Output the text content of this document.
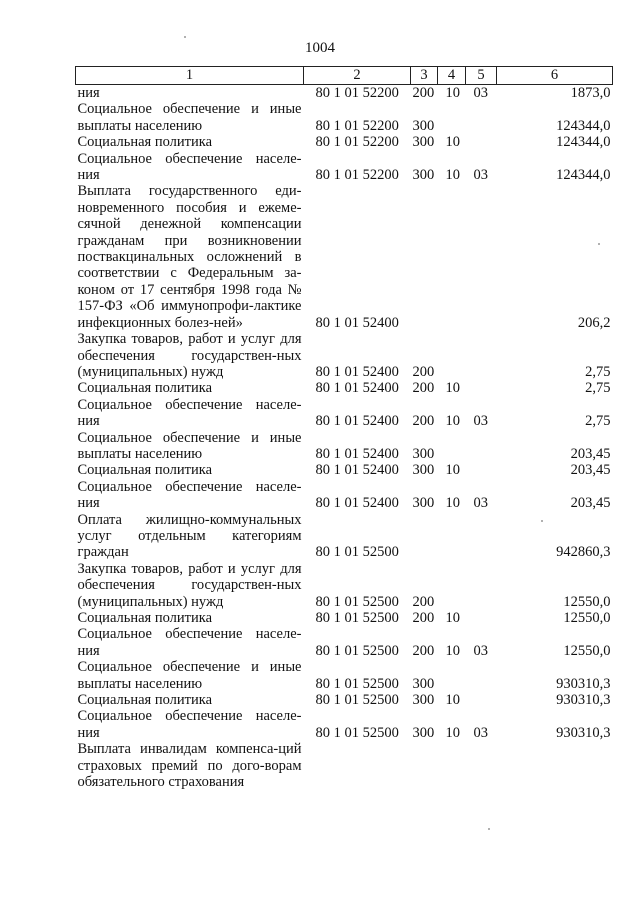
1004
1	2	3	4	5	6
ния	80 1 01 52200	200	10	03	1873,0
Социальное обеспечение и иные выплаты населению	80 1 01 52200	300			124344,0
Социальная политика	80 1 01 52200	300	10		124344,0
Социальное обеспечение населе-ния	80 1 01 52200	300	10	03	124344,0
Выплата государственного еди-новременного пособия и ежеме-сячной денежной компенсации гражданам при возникновении поствакцинальных осложнений в соответствии с Федеральным за-коном от 17 сентября 1998 года № 157-ФЗ «Об иммунопрофи-лактике инфекционных болез-ней»	80 1 01 52400				206,2
Закупка товаров, работ и услуг для обеспечения государствен-ных (муниципальных) нужд	80 1 01 52400	200			2,75
Социальная политика	80 1 01 52400	200	10		2,75
Социальное обеспечение населе-ния	80 1 01 52400	200	10	03	2,75
Социальное обеспечение и иные выплаты населению	80 1 01 52400	300			203,45
Социальная политика	80 1 01 52400	300	10		203,45
Социальное обеспечение населе-ния	80 1 01 52400	300	10	03	203,45
Оплата жилищно-коммунальных услуг отдельным категориям граждан	80 1 01 52500				942860,3
Закупка товаров, работ и услуг для обеспечения государствен-ных (муниципальных) нужд	80 1 01 52500	200			12550,0
Социальная политика	80 1 01 52500	200	10		12550,0
Социальное обеспечение населе-ния	80 1 01 52500	200	10	03	12550,0
Социальное обеспечение и иные выплаты населению	80 1 01 52500	300			930310,3
Социальная политика	80 1 01 52500	300	10		930310,3
Социальное обеспечение населе-ния	80 1 01 52500	300	10	03	930310,3
Выплата инвалидам компенса-ций страховых премий по дого-ворам обязательного страхования					
